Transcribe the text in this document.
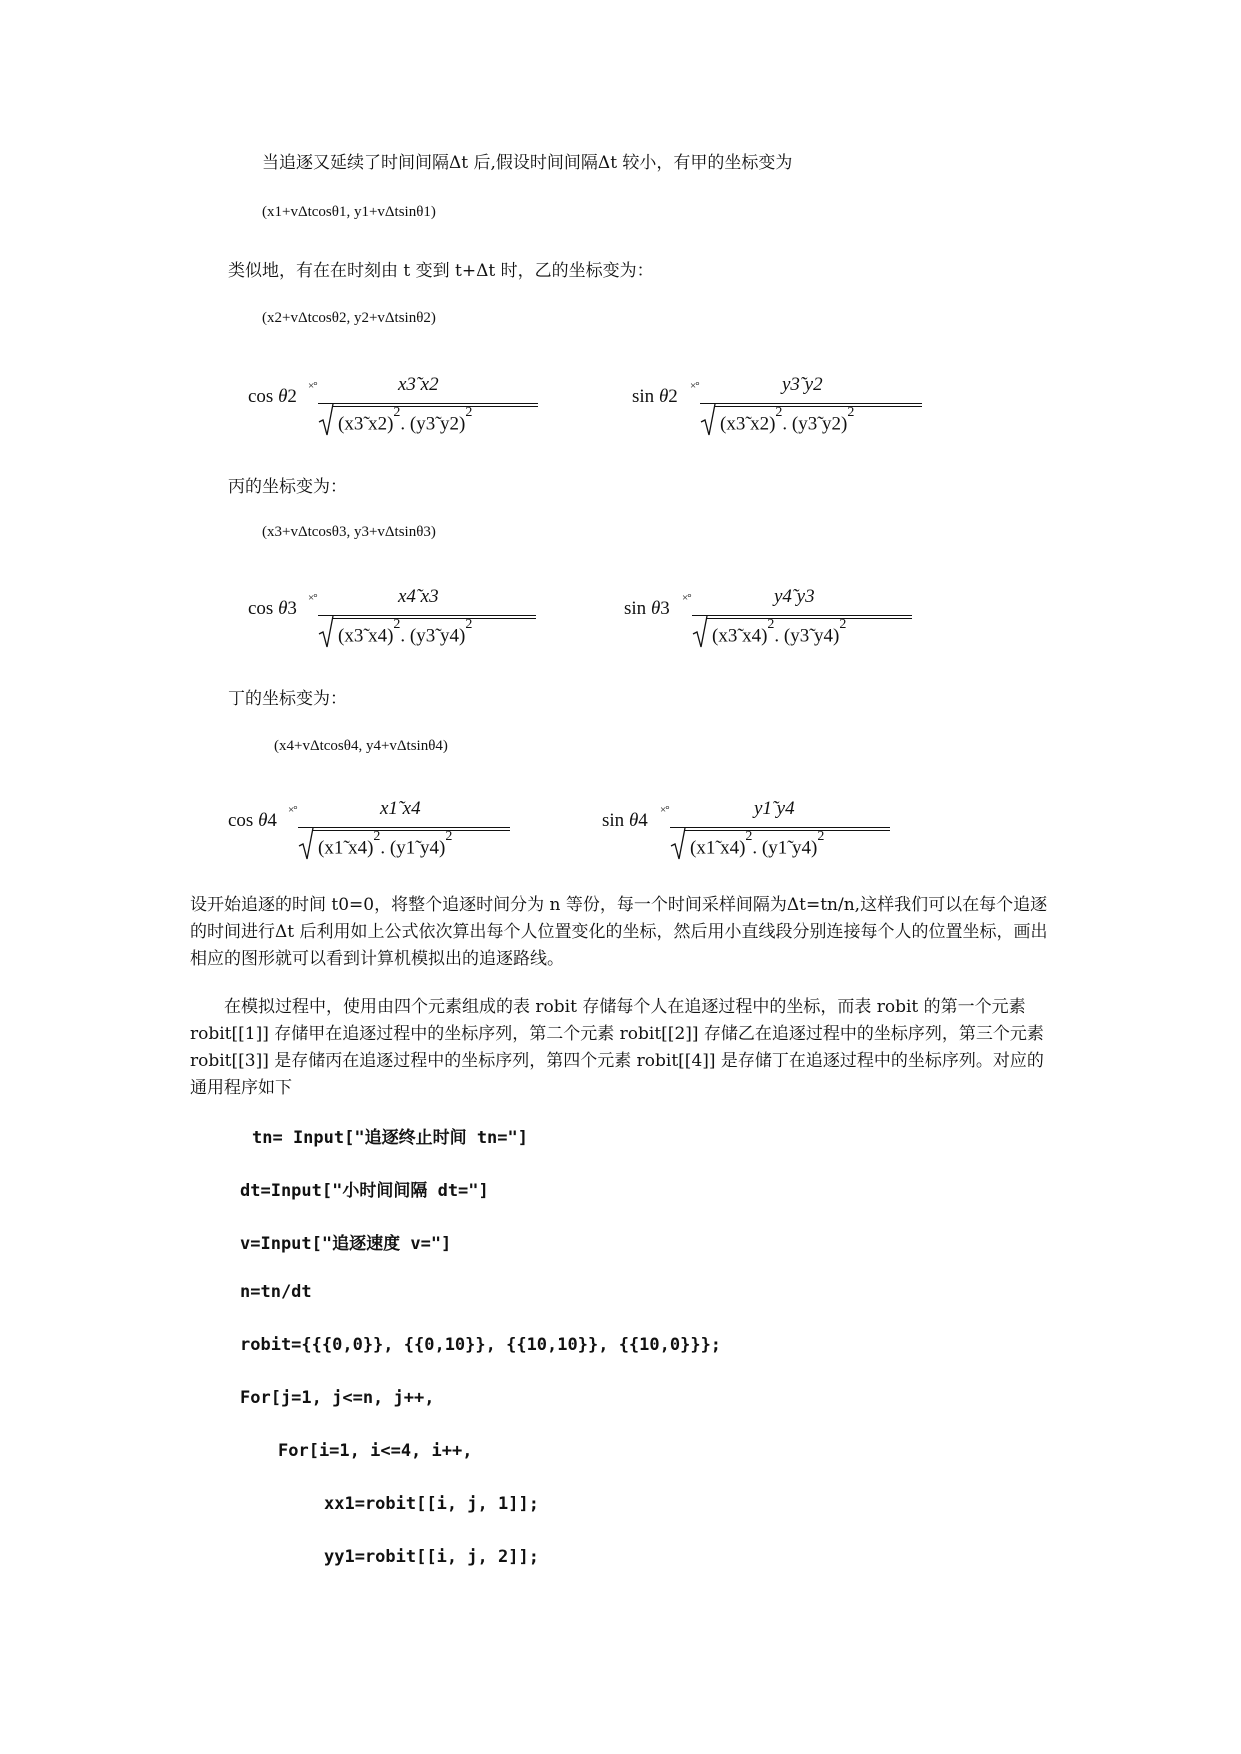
当追逐又延续了时间间隔Δt 后,假设时间间隔Δt 较小，有甲的坐标变为
(x1+vΔtcosθ1, y1+vΔtsinθ1)
类似地，有在在时刻由 t 变到 t+Δt 时，乙的坐标变为：
(x2+vΔtcosθ2, y2+vΔtsinθ2)
cos θ2 ×°	x3̃ x2
(x3̃ x2)$^2$. (y3̃ y2)$^2$
sin θ2 ×°	y3̃ y2
(x3̃ x2)$^2$. (y3̃ y2)$^2$
丙的坐标变为：
(x3+vΔtcosθ3, y3+vΔtsinθ3)
cos θ3 ×°	x4̃ x3
(x3̃ x4)$^2$. (y3̃ y4)$^2$
sin θ3 ×°	y4̃ y3
(x3̃ x4)$^2$. (y3̃ y4)$^2$
丁的坐标变为：
(x4+vΔtcosθ4, y4+vΔtsinθ4)
cos θ4 ×°	x1̃ x4
(x1̃ x4)$^2$. (y1̃ y4)$^2$
sin θ4 ×°	y1̃ y4
(x1̃ x4)$^2$. (y1̃ y4)$^2$
设开始追逐的时间 t0=0，将整个追逐时间分为 n 等份，每一个时间采样间隔为Δt=tn/n,这样我们可以在每个追逐的时间进行Δt 后利用如上公式依次算出每个人位置变化的坐标，然后用小直线段分别连接每个人的位置坐标，画出相应的图形就可以看到计算机模拟出的追逐路线。
在模拟过程中，使用由四个元素组成的表 robit 存储每个人在追逐过程中的坐标，而表 robit 的第一个元素 robit[[1]] 存储甲在追逐过程中的坐标序列，第二个元素 robit[[2]] 存储乙在追逐过程中的坐标序列，第三个元素 robit[[3]] 是存储丙在追逐过程中的坐标序列，第四个元素 robit[[4]] 是存储丁在追逐过程中的坐标序列。对应的通用程序如下
tn= Input["追逐终止时间 tn="]
dt=Input["小时间间隔 dt="]
v=Input["追逐速度 v="]
n=tn/dt
robit={{{0,0}}, {{0,10}}, {{10,10}}, {{10,0}}};
For[j=1, j<=n, j++,
For[i=1, i<=4, i++,
xx1=robit[[i, j, 1]];
yy1=robit[[i, j, 2]];
